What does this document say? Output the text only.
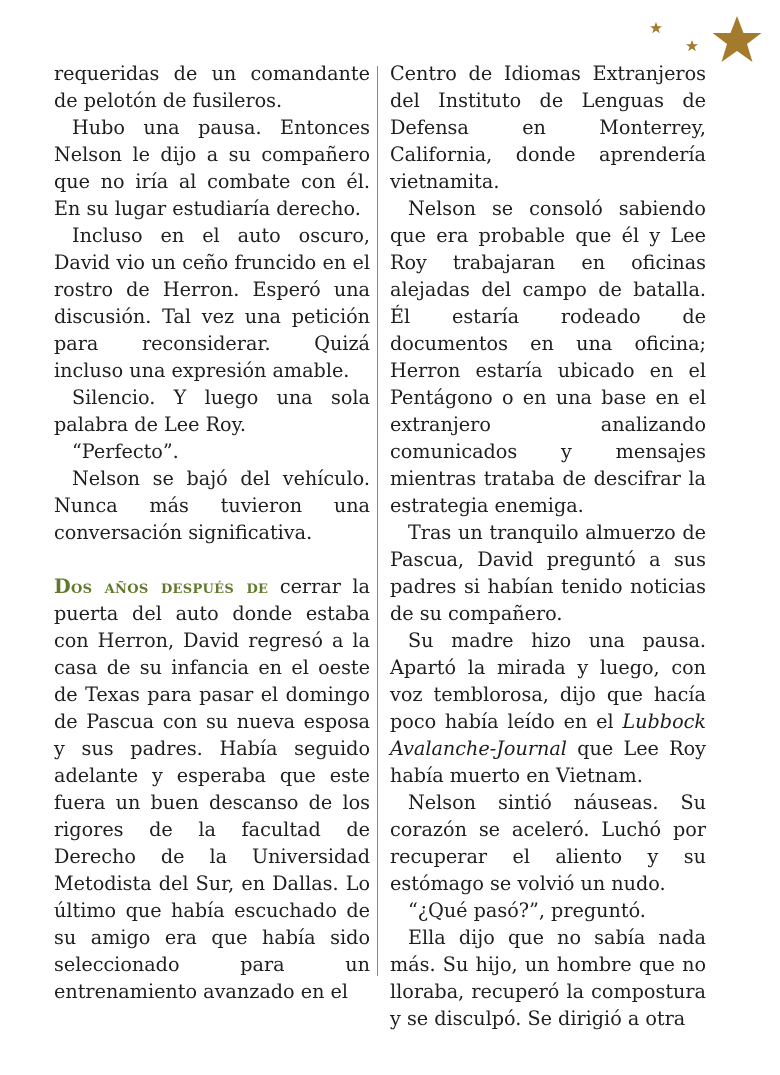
requeridas de un comandante de pelotón de fusileros.

Hubo una pausa. Entonces Nelson le dijo a su compañero que no iría al combate con él. En su lugar estudiaría derecho.

Incluso en el auto oscuro, David vio un ceño fruncido en el rostro de Herron. Esperó una discusión. Tal vez una petición para reconsiderar. Quizá incluso una expresión amable.

Silencio. Y luego una sola palabra de Lee Roy.

“Perfecto”.

Nelson se bajó del vehículo. Nunca más tuvieron una conversación significativa.

Dos años después de cerrar la puerta del auto donde estaba con Herron, David regresó a la casa de su infancia en el oeste de Texas para pasar el domingo de Pascua con su nueva esposa y sus padres. Había seguido adelante y esperaba que este fuera un buen descanso de los rigores de la facultad de Derecho de la Universidad Metodista del Sur, en Dallas. Lo último que había escuchado de su amigo era que había sido seleccionado para un entrenamiento avanzado en el

Centro de Idiomas Extranjeros del Instituto de Lenguas de Defensa en Monterrey, California, donde aprendería vietnamita.

Nelson se consoló sabiendo que era probable que él y Lee Roy trabajaran en oficinas alejadas del campo de batalla. Él estaría rodeado de documentos en una oficina; Herron estaría ubicado en el Pentágono o en una base en el extranjero analizando comunicados y mensajes mientras trataba de descifrar la estrategia enemiga.

Tras un tranquilo almuerzo de Pascua, David preguntó a sus padres si habían tenido noticias de su compañero.

Su madre hizo una pausa. Apartó la mirada y luego, con voz temblorosa, dijo que hacía poco había leído en el Lubbock Avalanche-Journal que Lee Roy había muerto en Vietnam.

Nelson sintió náuseas. Su corazón se aceleró. Luchó por recuperar el aliento y su estómago se volvió un nudo.

“¿Qué pasó?”, preguntó.

Ella dijo que no sabía nada más. Su hijo, un hombre que no lloraba, recuperó la compostura y se disculpó. Se dirigió a otra
